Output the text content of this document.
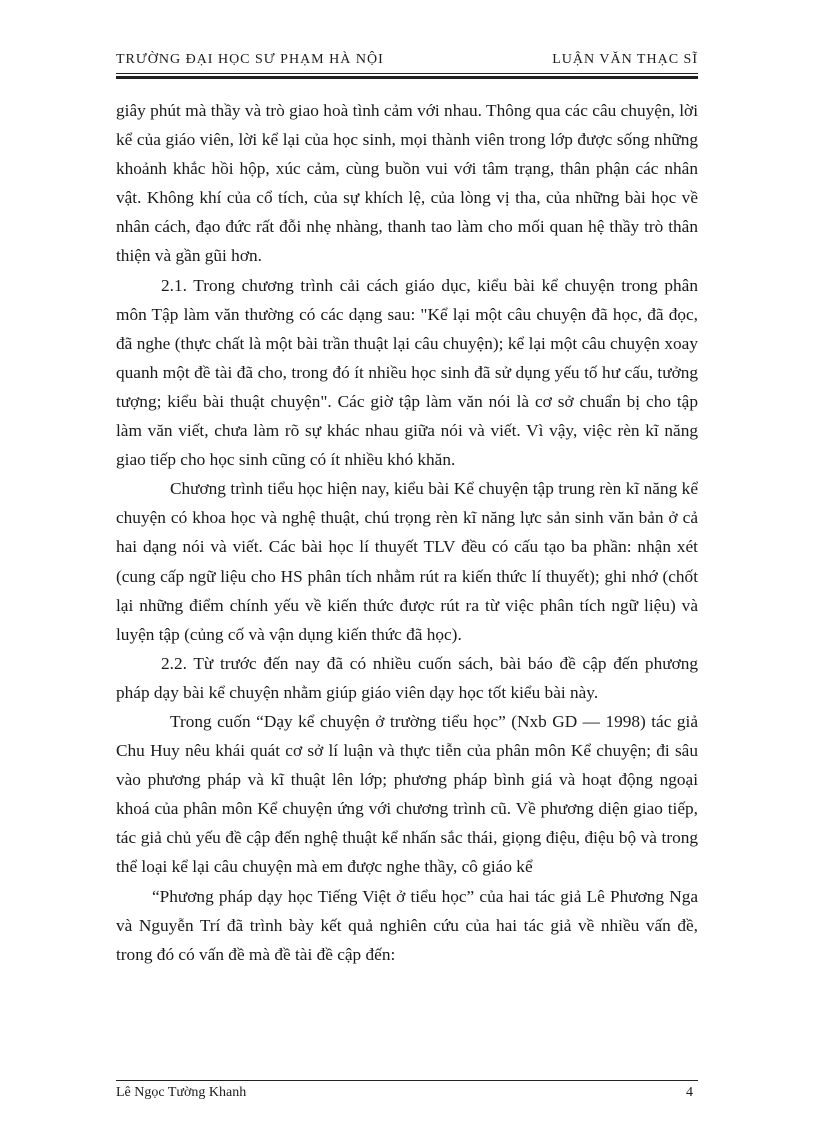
TRƯỜNG ĐẠI HỌC SƯ PHẠM HÀ NỘI	LUẬN VĂN THẠC SĨ

giây phút mà thầy và trò giao hoà tình cảm với nhau. Thông qua các câu chuyện, lời kể của giáo viên, lời kể lại của học sinh, mọi thành viên trong lớp được sống những khoảnh khắc hồi hộp, xúc cảm, cùng buồn vui với tâm trạng, thân phận các nhân vật. Không khí của cổ tích, của sự khích lệ, của lòng vị tha, của những bài học về nhân cách, đạo đức rất đỗi nhẹ nhàng, thanh tao làm cho mối quan hệ thầy trò thân thiện và gần gũi hơn.

2.1. Trong chương trình cải cách giáo dục, kiểu bài kể chuyện trong phân môn Tập làm văn thường có các dạng sau: "Kể lại một câu chuyện đã học, đã đọc, đã nghe (thực chất là một bài trần thuật lại câu chuyện); kể lại một câu chuyện xoay quanh một đề tài đã cho, trong đó ít nhiều học sinh đã sử dụng yếu tố hư cấu, tưởng tượng; kiểu bài thuật chuyện". Các giờ tập làm văn nói là cơ sở chuẩn bị cho tập làm văn viết, chưa làm rõ sự khác nhau giữa nói và viết. Vì vậy, việc rèn kĩ năng giao tiếp cho học sinh cũng có ít nhiều khó khăn.

Chương trình tiểu học hiện nay, kiểu bài Kể chuyện tập trung rèn kĩ năng kể chuyện có khoa học và nghệ thuật, chú trọng rèn kĩ năng lực sản sinh văn bản ở cả hai dạng nói và viết. Các bài học lí thuyết TLV đều có cấu tạo ba phần: nhận xét (cung cấp ngữ liệu cho HS phân tích nhằm rút ra kiến thức lí thuyết); ghi nhớ (chốt lại những điểm chính yếu về kiến thức được rút ra từ việc phân tích ngữ liệu) và luyện tập (củng cố và vận dụng kiến thức đã học).

2.2. Từ trước đến nay đã có nhiều cuốn sách, bài báo đề cập đến phương pháp dạy bài kể chuyện nhằm giúp giáo viên dạy học tốt kiểu bài này.

Trong cuốn “Dạy kể chuyện ở trường tiểu học” (Nxb GD — 1998) tác giả Chu Huy nêu khái quát cơ sở lí luận và thực tiễn của phân môn Kể chuyện; đi sâu vào phương pháp và kĩ thuật lên lớp; phương pháp bình giá và hoạt động ngoại khoá của phân môn Kể chuyện ứng với chương trình cũ. Về phương diện giao tiếp, tác giả chủ yếu đề cập đến nghệ thuật kể nhấn sắc thái, giọng điệu, điệu bộ và trong thể loại kể lại câu chuyện mà em được nghe thầy, cô giáo kể

“Phương pháp dạy học Tiếng Việt ở tiểu học” của hai tác giả Lê Phương Nga và Nguyễn Trí đã trình bày kết quả nghiên cứu của hai tác giả về nhiều vấn đề, trong đó có vấn đề mà đề tài đề cập đến:

Lê Ngọc Tường Khanh	4
